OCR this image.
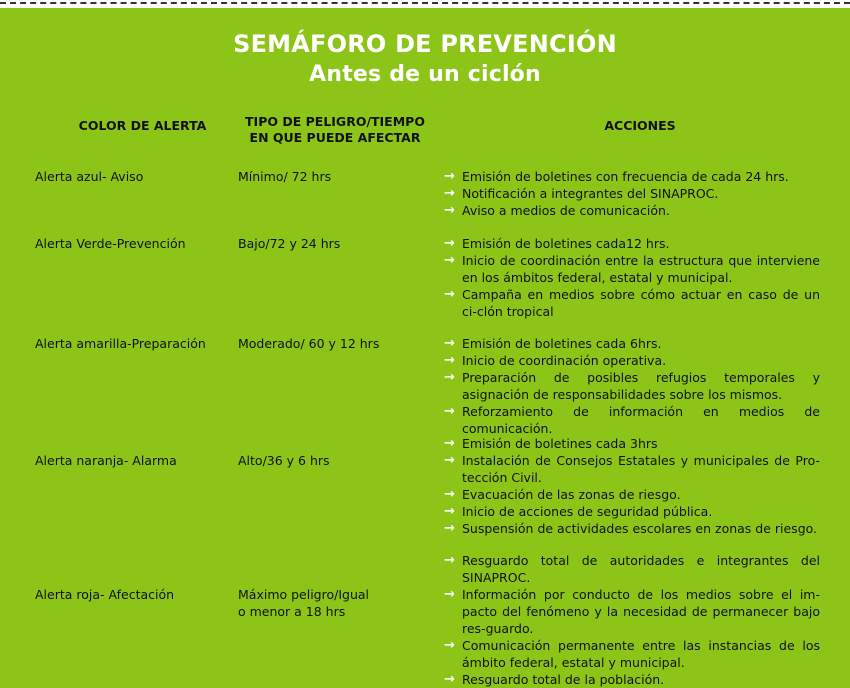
SEMÁFORO DE PREVENCIÓN
Antes de un ciclón
COLOR DE ALERTA	TIPO DE PELIGRO/TIEMPO
EN QUE PUEDE AFECTAR
ACCIONES
Alerta azul- Aviso	Mínimo/ 72 hrs	→ Emisión de boletines con frecuencia de cada 24 hrs.
→ Notificación a integrantes del SINAPROC.
→ Aviso a medios de comunicación.
Alerta Verde-Prevención	Bajo/72 y 24 hrs	→ Emisión de boletines cada12 hrs.
→ Inicio de coordinación entre la estructura que interviene en los ámbitos federal, estatal y municipal.
→ Campaña en medios sobre cómo actuar en caso de un ci-clón tropical
Alerta amarilla-Preparación	Moderado/ 60 y 12 hrs	→ Emisión de boletines cada 6hrs.
→ Inicio de coordinación operativa.
→ Preparación de posibles refugios temporales y asignación de responsabilidades sobre los mismos.
→ Reforzamiento de información en medios de comunicación.
Alerta naranja- Alarma	Alto/36 y 6 hrs
→ Emisión de boletines cada 3hrs
→ Instalación de Consejos Estatales y municipales de Pro-tección Civil.
→ Evacuación de las zonas de riesgo.
→ Inicio de acciones de seguridad pública.
→ Suspensión de actividades escolares en zonas de riesgo.
Alerta roja- Afectación	Máximo peligro/Igual
o menor a 18 hrs
→ Resguardo total de autoridades e integrantes del SINAPROC.
→ Información por conducto de los medios sobre el im-pacto del fenómeno y la necesidad de permanecer bajo res-guardo.
→ Comunicación permanente entre las instancias de los ámbito federal, estatal y municipal.
→ Resguardo total de la población.
